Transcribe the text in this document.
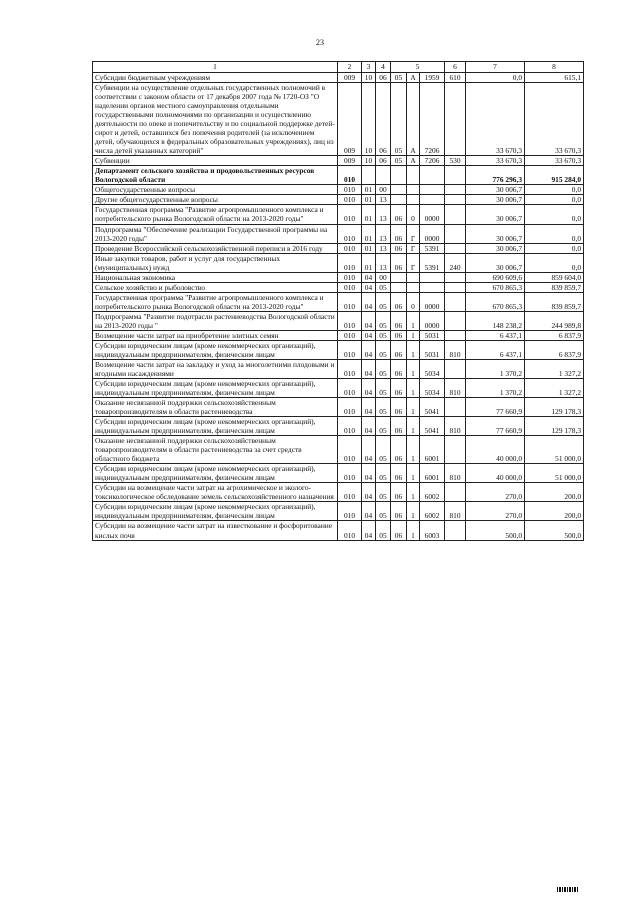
23
1	2	3	4	5			6	7	8
Субсидии бюджетным учреждениям	009	10	06	05	А	1959	610	0,0	615,1
Субвенции на осуществление отдельных государственных полномочий в соответствии с законом области от 17 декабря 2007 года № 1720-ОЗ "О наделении органов местного самоуправления отдельными государственными полномочиями по организации и осуществлению деятельности по опеке и попечительству и по социальной поддержке детей-сирот и детей, оставшихся без попечения родителей (за исключением детей, обучающихся в федеральных образовательных учреждениях), лиц из числа детей указанных категорий"	009	10	06	05	А	7206		33 670,3	33 670,3
Субвенции	009	10	06	05	А	7206	530	33 670,3	33 670,3
Департамент сельского хозяйства и продовольственных ресурсов Вологодской области	010							776 296,3	915 284,0
Общегосударственные вопросы	010	01	00					30 006,7	0,0
Другие общегосударственные вопросы	010	01	13					30 006,7	0,0
Государственная программа "Развитие агропромышленного комплекса и потребительского рынка Вологодской области на 2013-2020 годы"	010	01	13	06	0	0000		30 006,7	0,0
Подпрограмма "Обеспечение реализации Государственной программы на 2013-2020 годы"	010	01	13	06	Г	0000		30 006,7	0,0
Проведение Всероссийской сельскохозяйственной переписи в 2016 году	010	01	13	06	Г	5391		30 006,7	0,0
Иные закупки товаров, работ и услуг для государственных (муниципальных) нужд	010	01	13	06	Г	5391	240	30 006,7	0,0
Национальная экономика	010	04	00					690 609,6	859 604,0
Сельское хозяйство и рыболовство	010	04	05					670 865,3	839 859,7
Государственная программа "Развитие агропромышленного комплекса и потребительского рынка Вологодской области на 2013-2020 годы"	010	04	05	06	0	0000		670 865,3	839 859,7
Подпрограмма "Развитие подотрасли растениеводства Вологодской области на 2013-2020 годы "	010	04	05	06	1	0000		148 238,2	244 989,8
Возмещение части затрат на приобретение элитных семян	010	04	05	06	1	5031		6 437,1	6 837,9
Субсидии юридическим лицам (кроме некоммерческих организаций), индивидуальным предпринимателям, физическим лицам	010	04	05	06	1	5031	810	6 437,1	6 837,9
Возмещение части затрат на закладку и уход за многолетними плодовыми и ягодными насаждениями	010	04	05	06	1	5034		1 370,2	1 327,2
Субсидии юридическим лицам (кроме некоммерческих организаций), индивидуальным предпринимателям, физическим лицам	010	04	05	06	1	5034	810	1 370,2	1 327,2
Оказание несвязанной поддержки сельскохозяйственным товаропроизводителям в области растениеводства	010	04	05	06	1	5041		77 660,9	129 178,3
Субсидии юридическим лицам (кроме некоммерческих организаций), индивидуальным предпринимателям, физическим лицам	010	04	05	06	1	5041	810	77 660,9	129 178,3
Оказание несвязанной поддержки сельскохозяйственным товаропроизводителям в области растениеводства за счет средств областного бюджета	010	04	05	06	1	6001		40 000,0	51 000,0
Субсидии юридическим лицам (кроме некоммерческих организаций), индивидуальным предпринимателям, физическим лицам	010	04	05	06	1	6001	810	40 000,0	51 000,0
Субсидии на возмещение части затрат на агрохимическое и эколого-токсикологическое обследование земель сельскохозяйственного назначения	010	04	05	06	1	6002		270,0	200,0
Субсидии юридическим лицам (кроме некоммерческих организаций), индивидуальным предпринимателям, физическим лицам	010	04	05	06	1	6002	810	270,0	200,0
Субсидии на возмещение части затрат на известкование и фосфоритование кислых почв	010	04	05	06	1	6003		500,0	500,0
